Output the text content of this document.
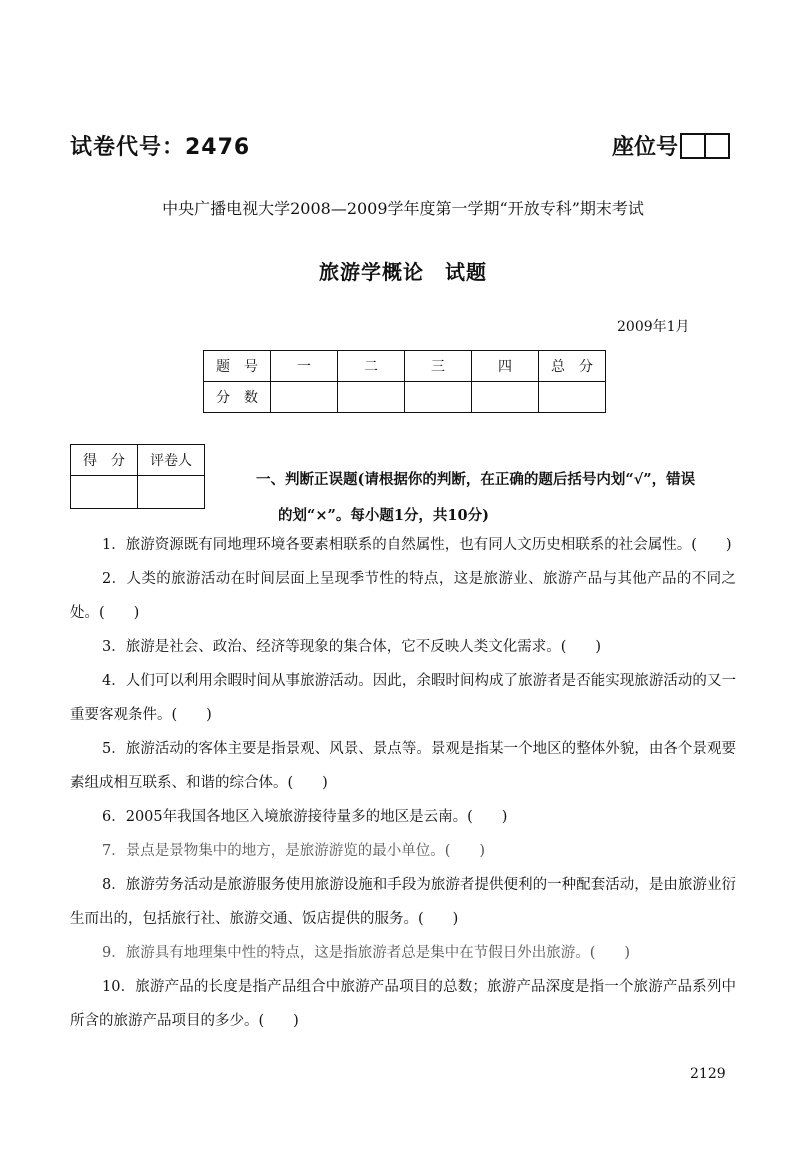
试卷代号：2476	座位号
中央广播电视大学2008—2009学年度第一学期“开放专科”期末考试
旅游学概论　试题
2009年1月
题　号	一	二	三	四	总　分
分　数					
得　分	评卷人

一、判断正误题(请根据你的判断，在正确的题后括号内划“√”，错误
的划“×”。每小题1分，共10分)

1．旅游资源既有同地理环境各要素相联系的自然属性，也有同人文历史相联系的社会属性。(　　)

2．人类的旅游活动在时间层面上呈现季节性的特点，这是旅游业、旅游产品与其他产品的不同之处。(　　)

3．旅游是社会、政治、经济等现象的集合体，它不反映人类文化需求。(　　)

4．人们可以利用余暇时间从事旅游活动。因此，余暇时间构成了旅游者是否能实现旅游活动的又一重要客观条件。(　　)

5．旅游活动的客体主要是指景观、风景、景点等。景观是指某一个地区的整体外貌，由各个景观要素组成相互联系、和谐的综合体。(　　)

6．2005年我国各地区入境旅游接待量多的地区是云南。(　　)

7．景点是景物集中的地方，是旅游游览的最小单位。(　　)

8．旅游劳务活动是旅游服务使用旅游设施和手段为旅游者提供便利的一种配套活动，是由旅游业衍生而出的，包括旅行社、旅游交通、饭店提供的服务。(　　)

9．旅游具有地理集中性的特点，这是指旅游者总是集中在节假日外出旅游。(　　)

10．旅游产品的长度是指产品组合中旅游产品项目的总数；旅游产品深度是指一个旅游产品系列中所含的旅游产品项目的多少。(　　)

2129
